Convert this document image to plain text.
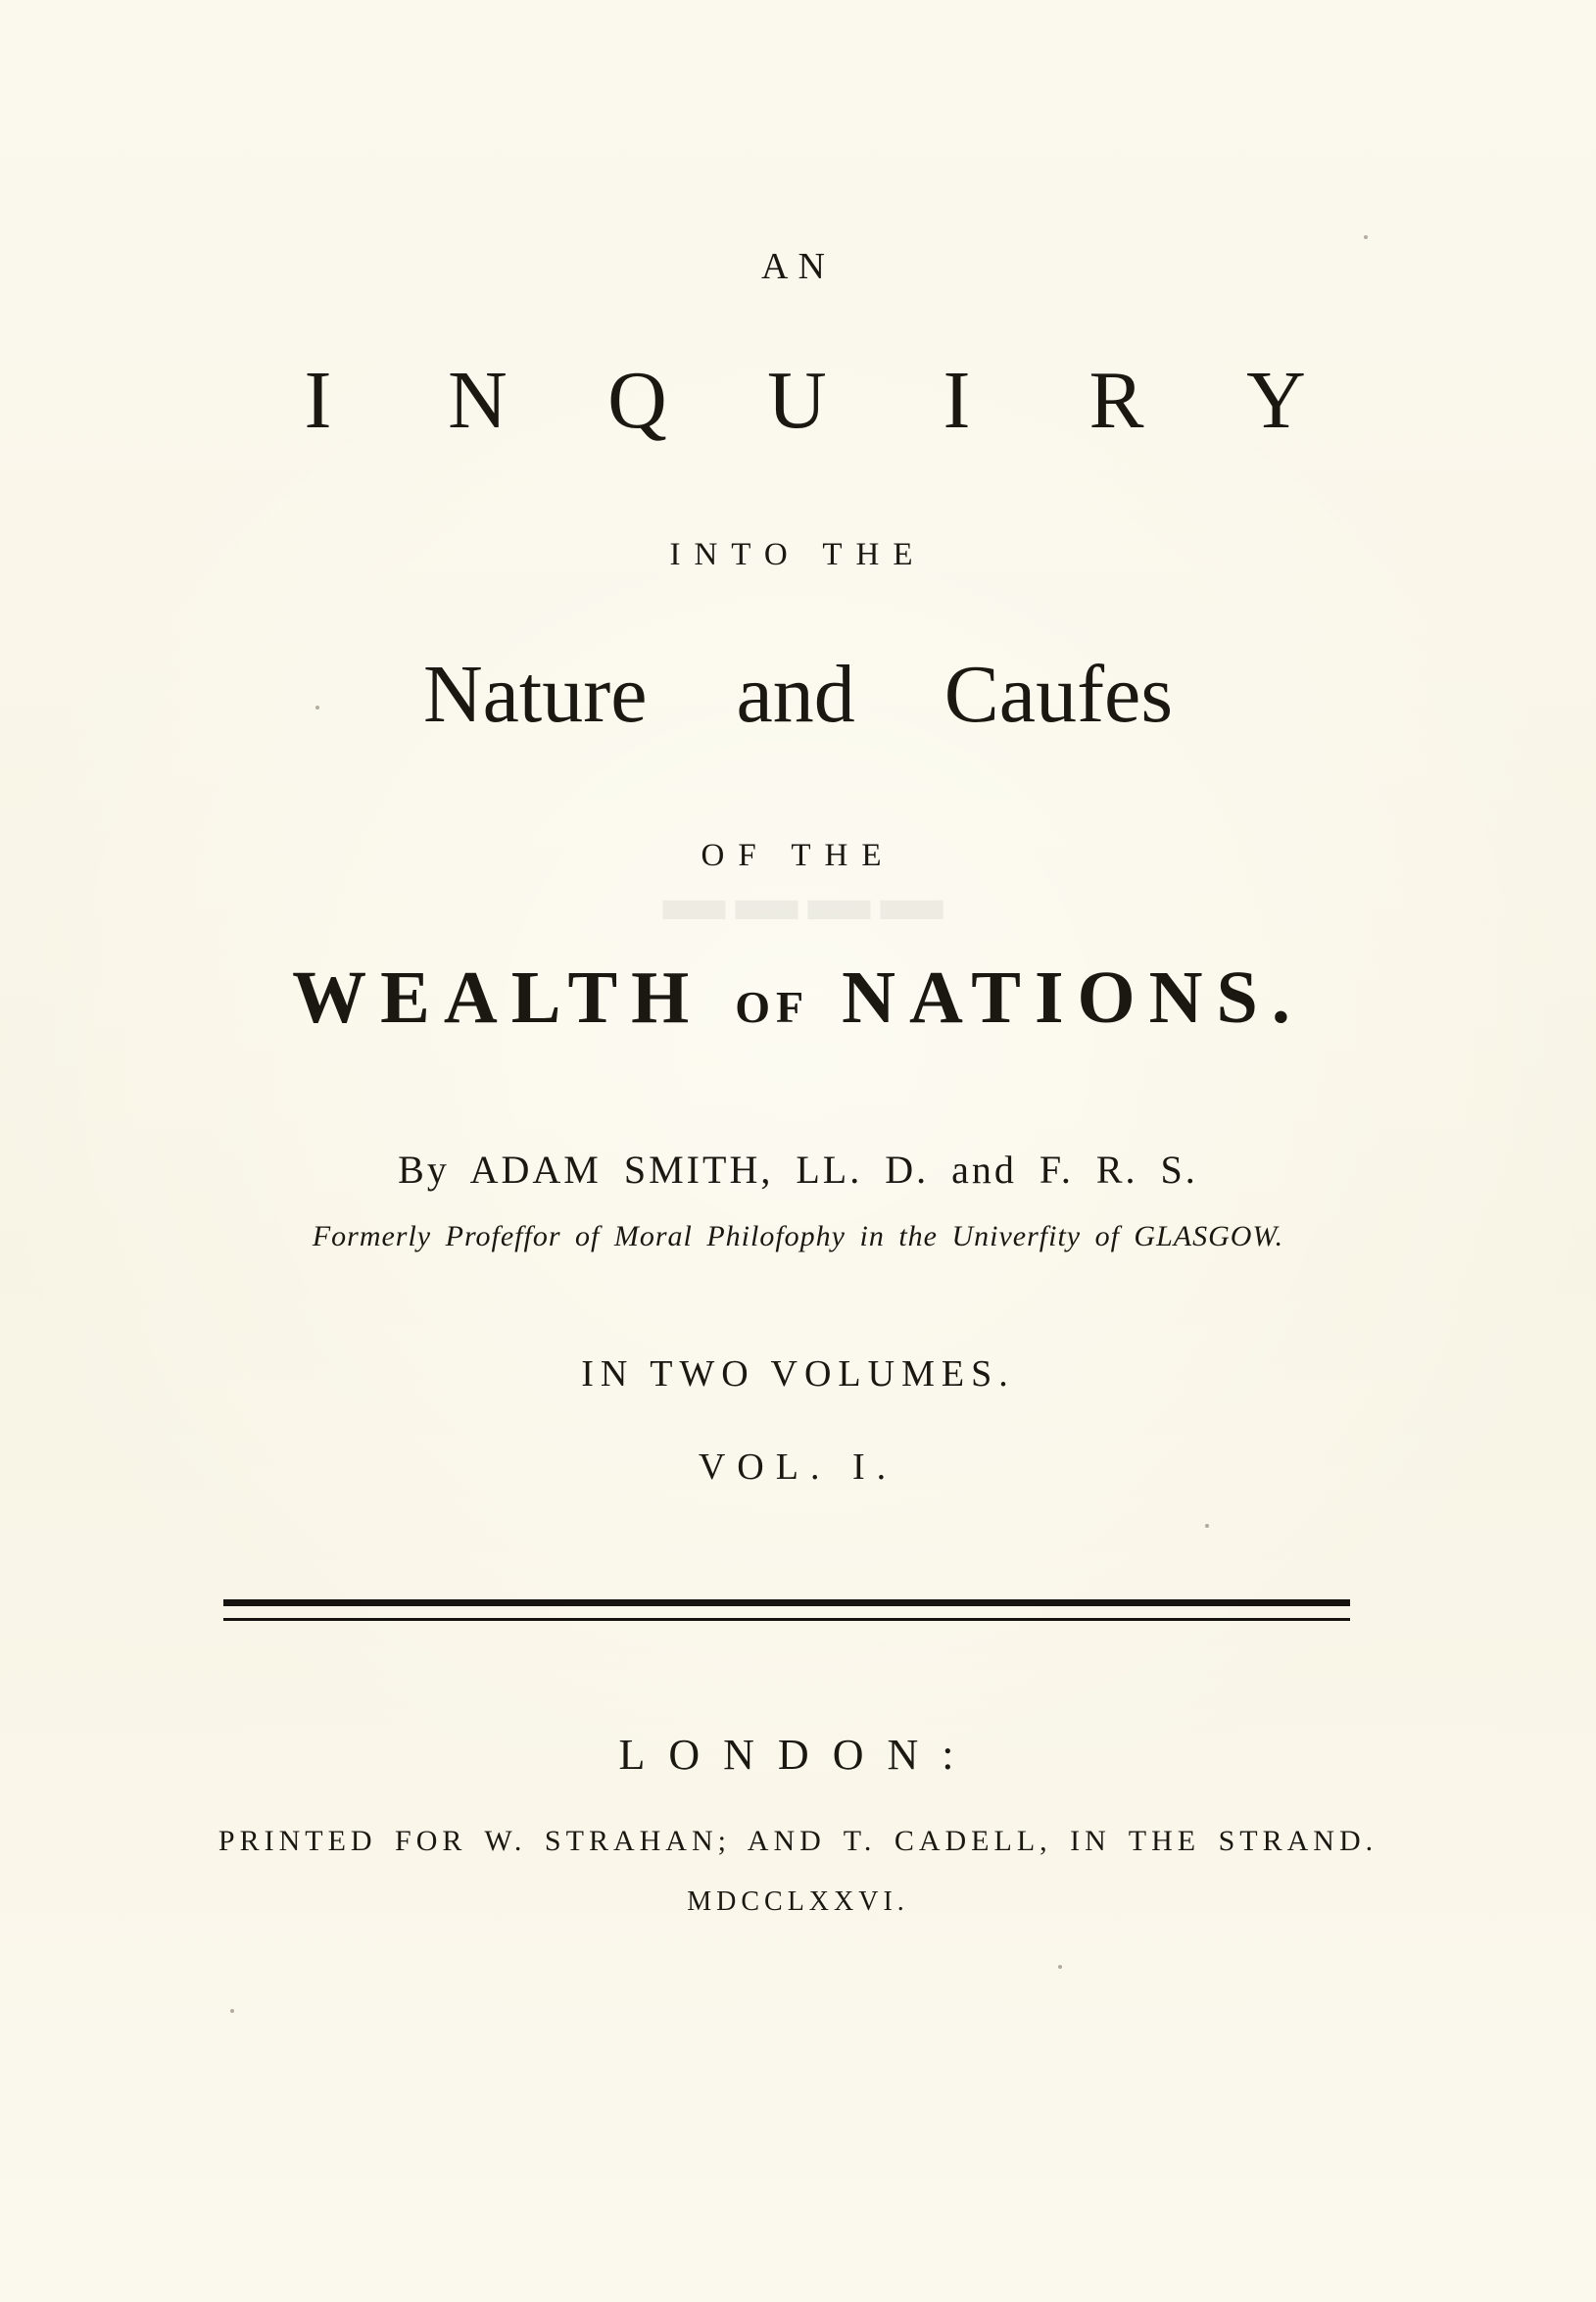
▬▬▬▬
AN
I N Q U I R Y
INTO THE
Nature and Caufes
OF THE
WEALTH OF NATIONS.
By ADAM SMITH, LL. D. and F. R. S.
Formerly Profeffor of Moral Philofophy in the Univerfity of GLASGOW.
IN TWO VOLUMES.
VOL. I.
LONDON:
PRINTED FOR W. STRAHAN; AND T. CADELL, IN THE STRAND.
MDCCLXXVI.
